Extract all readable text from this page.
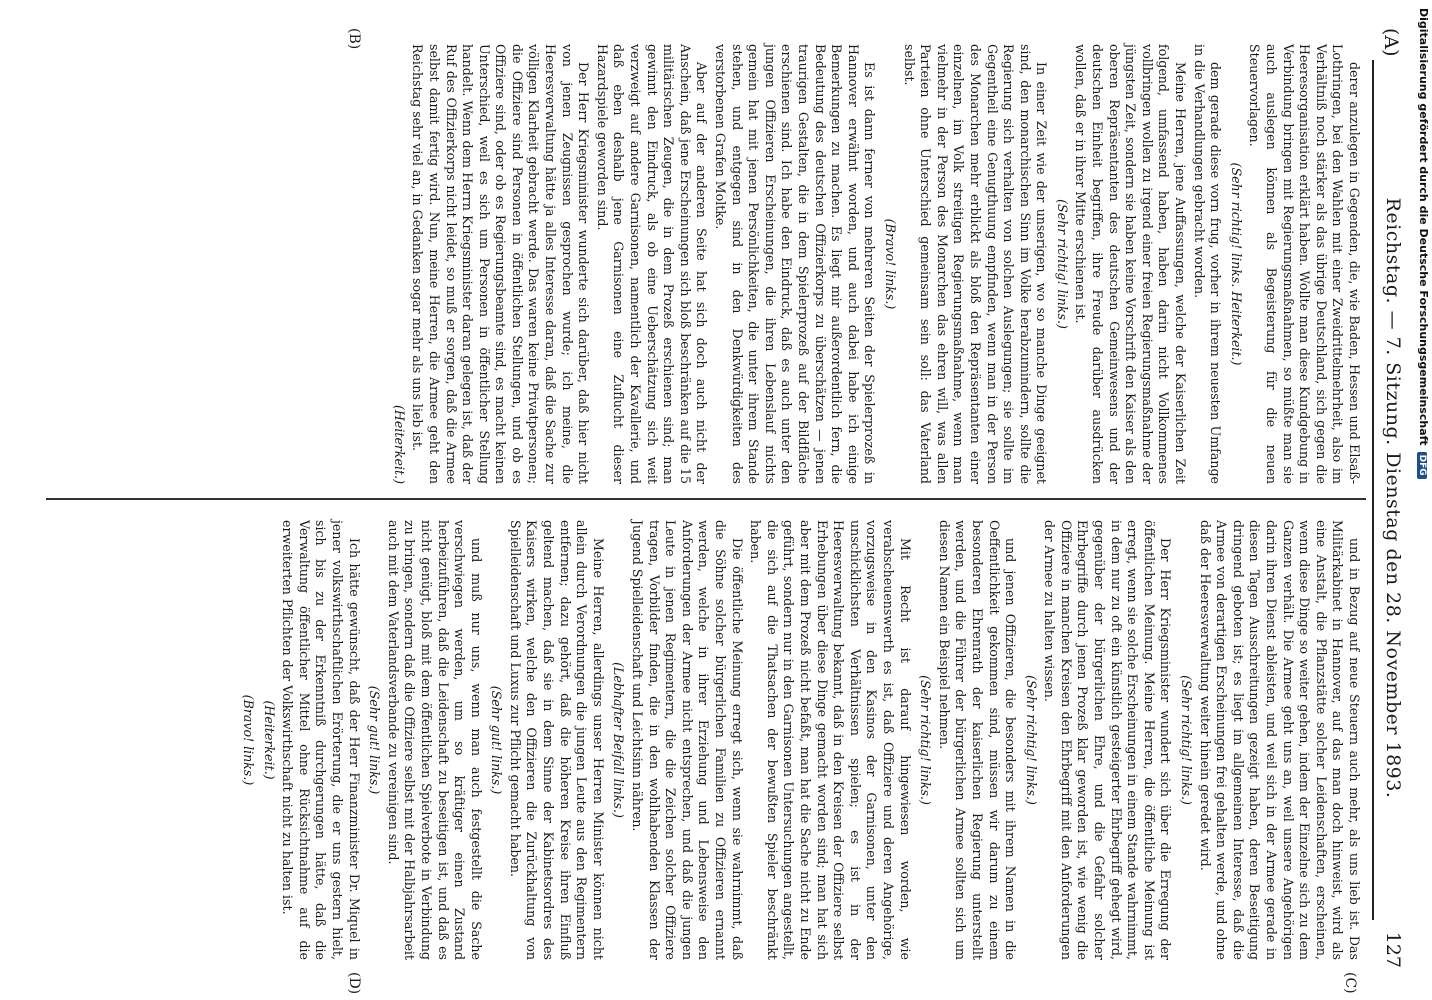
(A)
Reichstag. — 7. Sitzung. Dienstag den 28. November 1893.
127
(B)
(C)
(D)

derer anzulegen in Gegenden, die, wie Baden, Hessen und Elsaß-Lothringen, bei den Wahlen mit einer Zweidrittelmehrheit, also im Verhältniß noch stärker als das übrige Deutschland, sich gegen die Heeresorganisation erklärt haben. Wollte man diese Kundgebung in Verbindung bringen mit Regierungsmaßnahmen, so müßte man sie auch auslegen können als Begeisterung für die neuen Steuervorlagen.

(Sehr richtig! links. Heiterkeit.)

dem gerade diese vorn frug, vorher in ihrem neuesten Umfange in die Verhandlungen gebracht worden.

Meine Herren, jene Auffassungen, welche der Kaiserlichen Zeit folgend, umfassend haben, haben darin nicht Vollkommenes vollbringen wollen zu irgend einer freien Regierungsmaßnahme der jüngsten Zeit, sondern sie haben keine Vorschrift den Kaiser als den oberen Repräsentanten des deutschen Gemeinwesens und der deutschen Einheit begriffen, ihre Freude darüber ausdrücken wollen, daß er in ihrer Mitte erschienen ist.

(Sehr richtig! links.)

In einer Zeit wie der unserigen, wo so manche Dinge geeignet sind, den monarchischen Sinn im Volke herabzumindern, sollte die Regierung sich verhalten von solchen Auslegungen; sie sollte im Gegentheil eine Genugthuung empfinden, wenn man in der Person des Monarchen mehr erblickt als bloß den Repräsentanten einer einzelnen, im Volk streitigen Regierungsmaßnahme, wenn man vielmehr in der Person des Monarchen das ehren will, was allen Parteien ohne Unterschied gemeinsam sein soll: das Vaterland selbst.

(Bravo! links.)

Es ist dann ferner von mehreren Seiten der Spielerprozeß in Hannover erwähnt worden, und auch dabei habe ich einige Bemerkungen zu machen. Es liegt mir außerordentlich fern, die Bedeutung des deutschen Offizierkorps zu überschätzen — jenen traurigen Gestalten, die in dem Spielerprozeß auf der Bildfläche erschienen sind. Ich habe den Eindruck, daß es auch unter den jungen Offizieren Erscheinungen, die ihren Lebenslauf nichts gemein hat mit jenen Persönlichkeiten, die unter ihrem Stande stehen, und entgegen sind in den Denkwürdigkeiten des verstorbenen Grafen Moltke.

Aber auf der anderen Seite hat sich doch auch nicht der Anschein, daß jene Erscheinungen sich bloß beschränken auf die 15 militärischen Zeugen, die in dem Prozeß erschienen sind; man gewinnt den Eindruck, als ob eine Ueberschätzung sich weit verzweigt auf andere Garnisonen, namentlich der Kavallerie, und daß eben deshalb jene Garnisonen eine Zuflucht dieser Hazardspiele geworden sind.

Der Herr Kriegsminister wunderte sich darüber, daß hier nicht von jenen Zeugnissen gesprochen wurde; ich meine, die Heeresverwaltung hätte ja alles Interesse daran, daß die Sache zur völligen Klarheit gebracht werde. Das waren keine Privatpersonen; die Offiziere sind Personen in öffentlichen Stellungen, und ob es Offiziere sind, oder ob es Regierungsbeamte sind, es macht keinen Unterschied, weil es sich um Personen in öffentlicher Stellung handelt. Wenn dem Herrn Kriegsminister daran gelegen ist, daß der Ruf des Offizierkorps nicht leidet, so muß er sorgen, daß die Armee selbst damit fertig wird. Nun, meine Herren, die Armee geht den Reichstag sehr viel an, in Gedanken sogar mehr als uns lieb ist.

(Heiterkeit.)

und in Bezug auf neue Steuern auch mehr, als uns lieb ist. Das Militärkabinet in Hannover, auf das man doch hinweist, wird als eine Anstalt, die Pflanzstätte solcher Leidenschaften, erscheinen, wenn diese Dinge so weiter gehen, indem der Einzelne sich zu dem Ganzen verhält. Die Armee geht uns an, weil unsere Angehörigen darin ihren Dienst ableisten, und weil sich in der Armee gerade in diesen Tagen Ausschreitungen gezeigt haben, deren Beseitigung dringend geboten ist; es liegt im allgemeinen Interesse, daß die Armee von derartigen Erscheinungen frei gehalten werde, und ohne daß der Heeresverwaltung weiter hinein geredet wird.

(Sehr richtig! links.)

Der Herr Kriegsminister wundert sich über die Erregung der öffentlichen Meinung. Meine Herren, die öffentliche Meinung ist erregt, wenn sie solche Erscheinungen in einem Stande wahrnimmt, in dem nur zu oft ein künstlich gesteigerter Ehrbegriff gehegt wird, gegenüber der bürgerlichen Ehre, und die Gefahr solcher Ehrbegriffe durch jenen Prozeß klar geworden ist, wie wenig die Offiziere in manchen Kreisen den Ehrbegriff mit den Anforderungen der Armee zu halten wissen.

(Sehr richtig! links.)

und jenen Offizieren, die besonders mit ihrem Namen in die Oeffentlichkeit gekommen sind, müssen wir darum zu einem besonderen Ehrenrath der kaiserlichen Regierung unterstellt werden, und die Führer der bürgerlichen Armee sollten sich um diesen Namen ein Beispiel nehmen.

(Sehr richtig! links.)

Mit Recht ist darauf hingewiesen worden, wie verabscheuenswerth es ist, daß Offiziere und deren Angehörige, vorzugsweise in den Kasinos der Garnisonen, unter den unschicklichsten Verhältnissen spielen; es ist in der Heeresverwaltung bekannt, daß in den Kreisen der Offiziere selbst Erhebungen über diese Dinge gemacht worden sind; man hat sich aber mit dem Prozeß nicht befaßt, man hat die Sache nicht zu Ende geführt, sondern nur in den Garnisonen Untersuchungen angestellt, die sich auf die Thatsachen der bewußten Spieler beschränkt haben.

Die öffentliche Meinung erregt sich, wenn sie wahrnimmt, daß die Söhne solcher bürgerlichen Familien zu Offizieren ernannt werden, welche in ihrer Erziehung und Lebensweise den Anforderungen der Armee nicht entsprechen, und daß die jungen Leute in jenen Regimentern, die die Zeichen solcher Offiziere tragen, Vorbilder finden, die in den wohlhabenden Klassen der Jugend Spielleidenschaft und Leichtsinn nähren.

(Lebhafter Beifall links.)

Meine Herren, allerdings unser Herren Minister können nicht allein durch Verordnungen die jungen Leute aus den Regimentern entfernen; dazu gehört, daß die höheren Kreise ihren Einfluß geltend machen, daß sie in dem Sinne der Kabinetsordres des Kaisers wirken, welche den Offizieren die Zurückhaltung von Spielleidenschaft und Luxus zur Pflicht gemacht haben.

(Sehr gut! links.)

und muß nur uns, wenn man auch festgestellt die Sache verschwiegen werden, um so kräftiger einen Zustand herbeizuführen, daß die Leidenschaft zu beseitigen ist, und daß es nicht genügt, bloß mit dem öffentlichen Spielverbote in Verbindung zu bringen, sondern daß die Offiziere selbst mit der Halbjahrsarbeit auch mit dem Vaterlandsverbande zu vereinigen sind.

(Sehr gut! links.)

Ich hätte gewünscht, daß der Herr Finanzminister Dr. Miquel in jener volkswirthschaftlichen Erörterung, die er uns gestern hielt, sich bis zu der Erkenntniß durchgerungen hätte, daß die Verwaltung öffentlicher Mittel ohne Rücksichtnahme auf die erweiterten Pflichten der Volkswirthschaft nicht zu halten ist.

(Heiterkeit.)

(Bravo! links.)

Digitalisierung gefördert durch die Deutsche ForschungsgemeinschaftDFG
